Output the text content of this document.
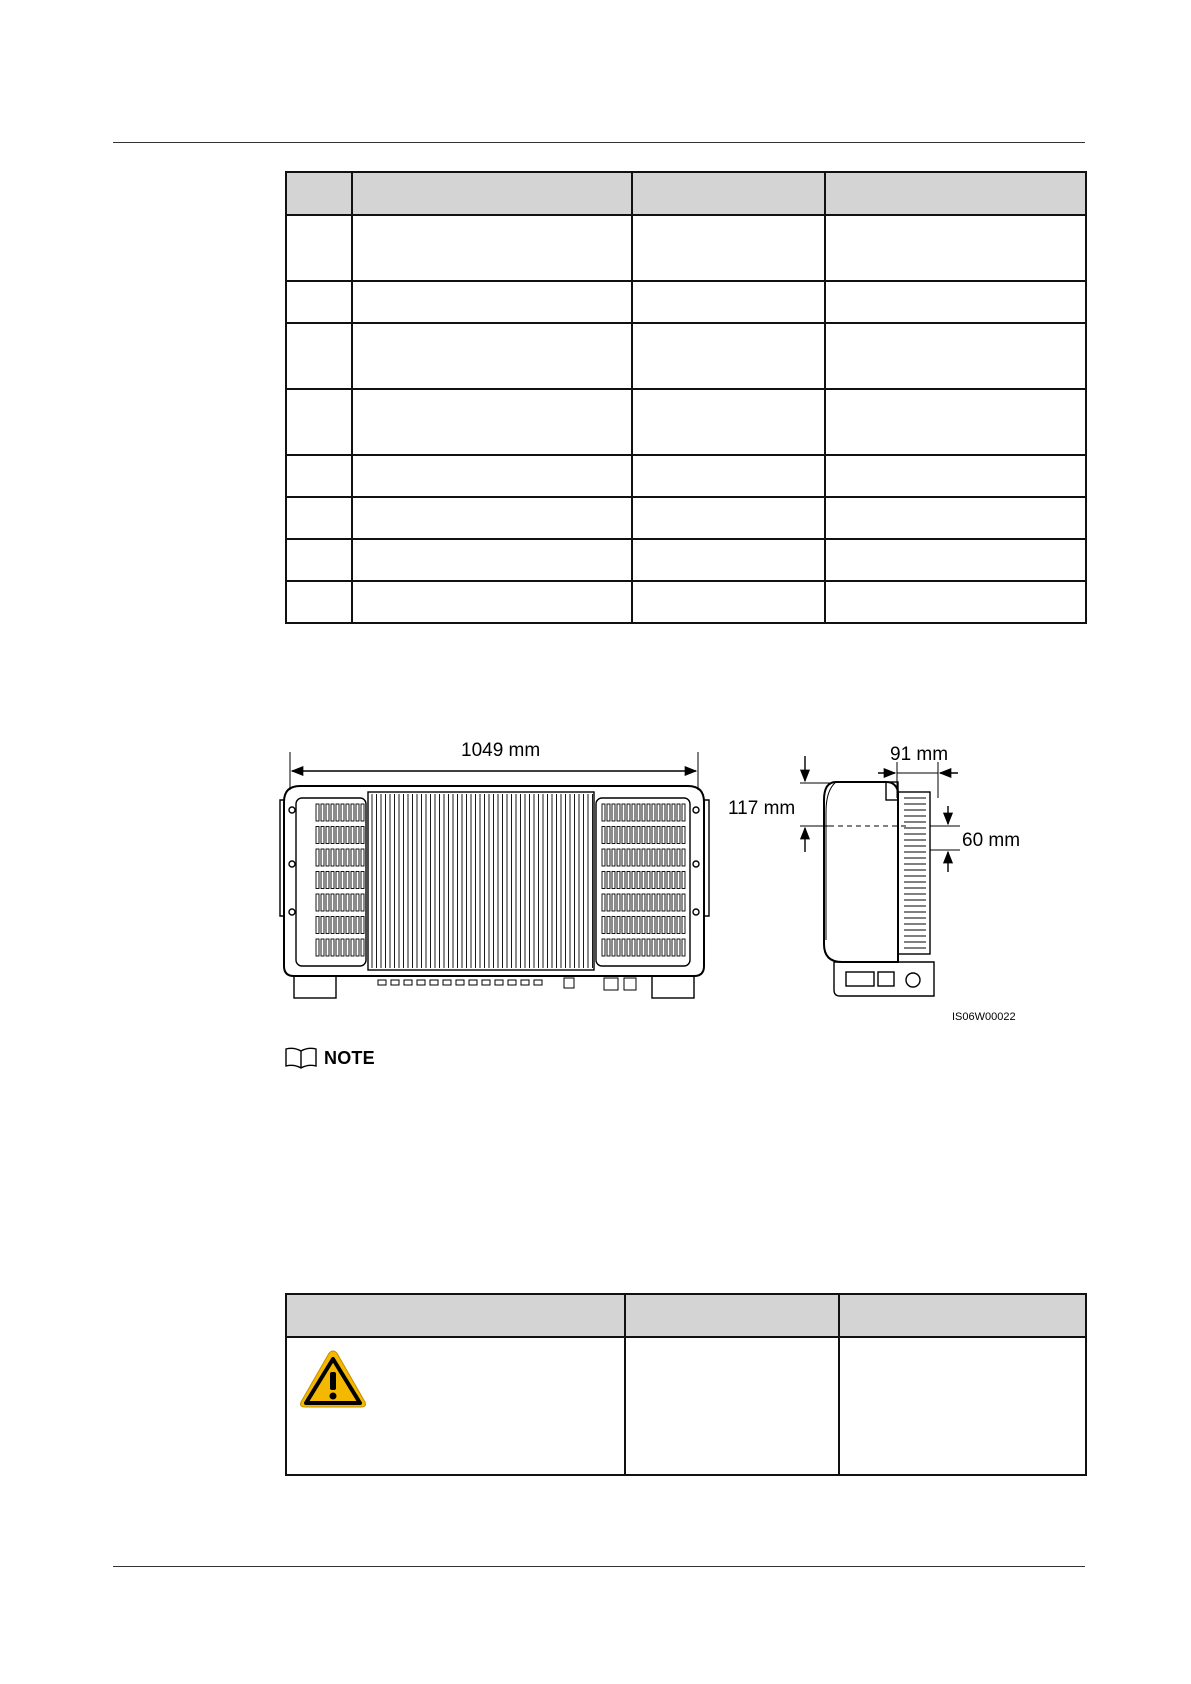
1049 mm	91 mm
117 mm
60 mm
IS06W00022
NOTE
